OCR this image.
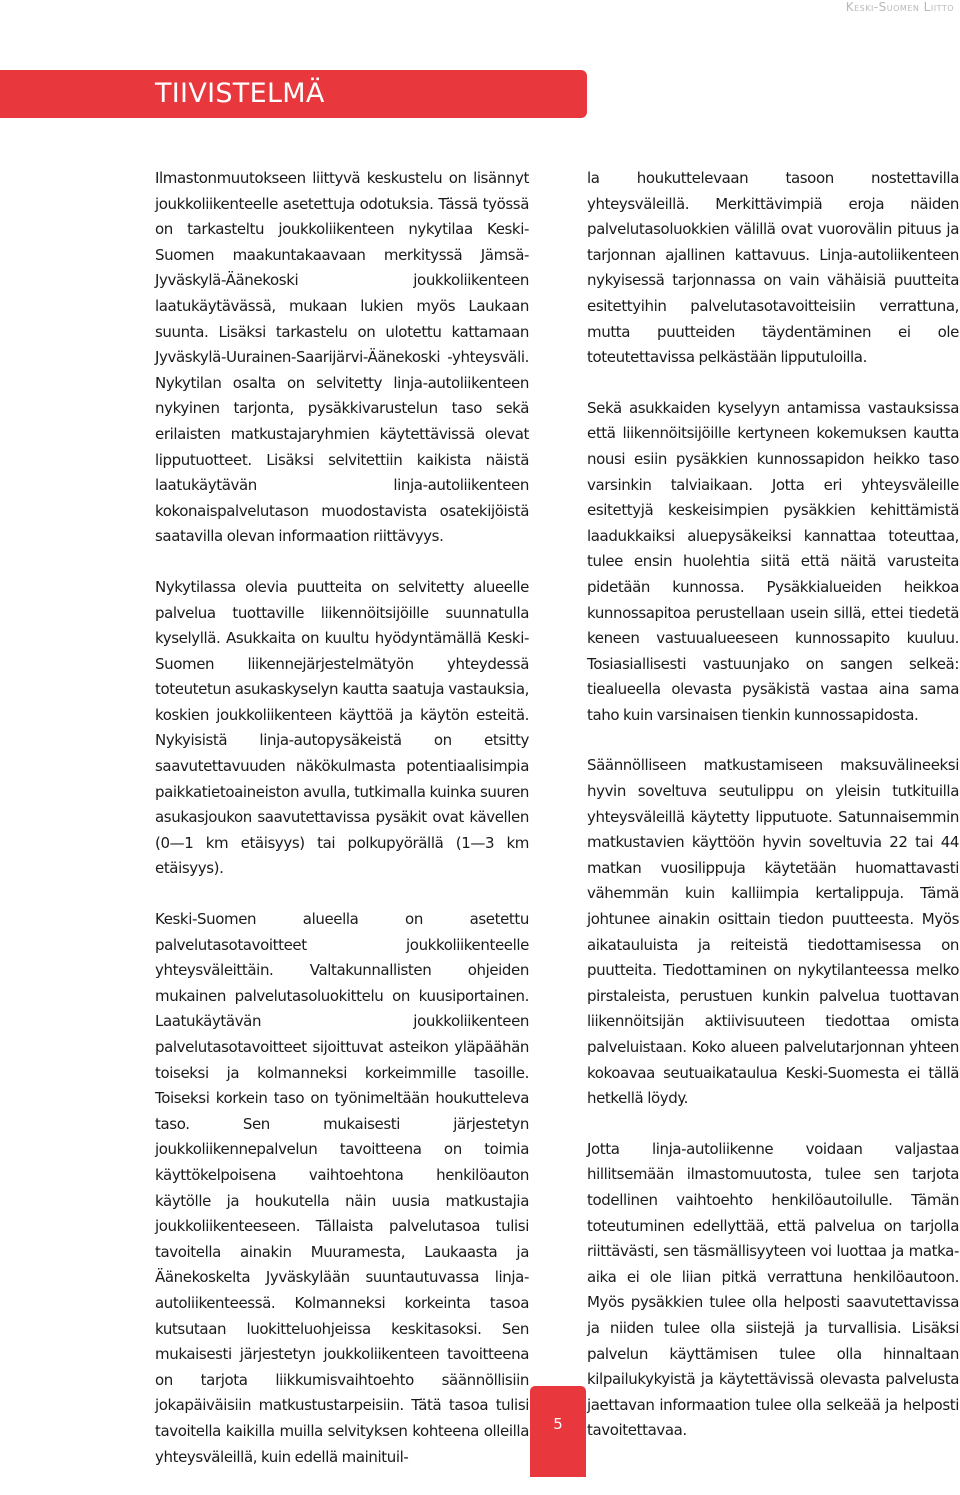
Keski-Suomen Liitto
TIIVISTELMÄ

Ilmastonmuutokseen liittyvä keskustelu on lisännyt joukkoliikenteelle asetettuja odotuksia. Tässä työssä on tarkasteltu joukkoliikenteen nykytilaa Keski-Suomen maakuntakaavaan merkityssä Jämsä-Jyväskylä-Äänekoski joukkoliikenteen laatukäytävässä, mukaan lukien myös Laukaan suunta. Lisäksi tarkastelu on ulotettu kattamaan Jyväskylä-Uurainen-Saarijärvi-Äänekoski -yhteysväli. Nykytilan osalta on selvitetty linja-autoliikenteen nykyinen tarjonta, pysäkkivarustelun taso sekä erilaisten matkustajaryhmien käytettävissä olevat lipputuotteet. Lisäksi selvitettiin kaikista näistä laatukäytävän linja-autoliikenteen kokonaispalvelutason muodostavista osatekijöistä saatavilla olevan informaation riittävyys.

Nykytilassa olevia puutteita on selvitetty alueelle palvelua tuottaville liikennöitsijöille suunnatulla kyselyllä. Asukkaita on kuultu hyödyntämällä Keski-Suomen liikennejärjestelmätyön yhteydessä toteutetun asukaskyselyn kautta saatuja vastauksia, koskien joukkoliikenteen käyttöä ja käytön esteitä. Nykyisistä linja-autopysäkeistä on etsitty saavutettavuuden näkökulmasta potentiaalisimpia paikkatietoaineiston avulla, tutkimalla kuinka suuren asukasjoukon saavutettavissa pysäkit ovat kävellen (0—1 km etäisyys) tai polkupyörällä (1—3 km etäisyys).

Keski-Suomen alueella on asetettu palvelutasotavoitteet joukkoliikenteelle yhteysväleittäin. Valtakunnallisten ohjeiden mukainen palvelutasoluokittelu on kuusiportainen. Laatukäytävän joukkoliikenteen palvelutasotavoitteet sijoittuvat asteikon yläpäähän toiseksi ja kolmanneksi korkeimmille tasoille. Toiseksi korkein taso on työnimeltään houkutteleva taso. Sen mukaisesti järjestetyn joukkoliikennepalvelun tavoitteena on toimia käyttökelpoisena vaihtoehtona henkilöauton käytölle ja houkutella näin uusia matkustajia joukkoliikenteeseen. Tällaista palvelutasoa tulisi tavoitella ainakin Muuramesta, Laukaasta ja Äänekoskelta Jyväskylään suuntautuvassa linja-autoliikenteessä. Kolmanneksi korkeinta tasoa kutsutaan luokitteluohjeissa keskitasoksi. Sen mukaisesti järjestetyn joukkoliikenteen tavoitteena on tarjota liikkumisvaihtoehto säännöllisiin jokapäiväisiin matkustustarpeisiin. Tätä tasoa tulisi tavoitella kaikilla muilla selvityksen kohteena olleilla yhteysväleillä, kuin edellä mainituil-

la houkuttelevaan tasoon nostettavilla yhteysväleillä. Merkittävimpiä eroja näiden palvelutasoluokkien välillä ovat vuorovälin pituus ja tarjonnan ajallinen kattavuus. Linja-autoliikenteen nykyisessä tarjonnassa on vain vähäisiä puutteita esitettyihin palvelutasotavoitteisiin verrattuna, mutta puutteiden täydentäminen ei ole toteutettavissa pelkästään lipputuloilla.

Sekä asukkaiden kyselyyn antamissa vastauksissa että liikennöitsijöille kertyneen kokemuksen kautta nousi esiin pysäkkien kunnossapidon heikko taso varsinkin talviaikaan. Jotta eri yhteysväleille esitettyjä keskeisimpien pysäkkien kehittämistä laadukkaiksi aluepysäkeiksi kannattaa toteuttaa, tulee ensin huolehtia siitä että näitä varusteita pidetään kunnossa. Pysäkkialueiden heikkoa kunnossapitoa perustellaan usein sillä, ettei tiedetä keneen vastuualueeseen kunnossapito kuuluu. Tosiasiallisesti vastuunjako on sangen selkeä: tiealueella olevasta pysäkistä vastaa aina sama taho kuin varsinaisen tienkin kunnossapidosta.

Säännölliseen matkustamiseen maksuvälineeksi hyvin soveltuva seutulippu on yleisin tutkituilla yhteysväleillä käytetty lipputuote. Satunnaisemmin matkustavien käyttöön hyvin soveltuvia 22 tai 44 matkan vuosilippuja käytetään huomattavasti vähemmän kuin kalliimpia kertalippuja. Tämä johtunee ainakin osittain tiedon puutteesta. Myös aikatauluista ja reiteistä tiedottamisessa on puutteita. Tiedottaminen on nykytilanteessa melko pirstaleista, perustuen kunkin palvelua tuottavan liikennöitsijän aktiivisuuteen tiedottaa omista palveluistaan. Koko alueen palvelutarjonnan yhteen kokoavaa seutuaikataulua Keski-Suomesta ei tällä hetkellä löydy.

Jotta linja-autoliikenne voidaan valjastaa hillitsemään ilmastomuutosta, tulee sen tarjota todellinen vaihtoehto henkilöautoilulle. Tämän toteutuminen edellyttää, että palvelua on tarjolla riittävästi, sen täsmällisyyteen voi luottaa ja matka-aika ei ole liian pitkä verrattuna henkilöautoon. Myös pysäkkien tulee olla helposti saavutettavissa ja niiden tulee olla siistejä ja turvallisia. Lisäksi palvelun käyttämisen tulee olla hinnaltaan kilpailukykyistä ja käytettävissä olevasta palvelusta jaettavan informaation tulee olla selkeää ja helposti tavoitettavaa.

5
